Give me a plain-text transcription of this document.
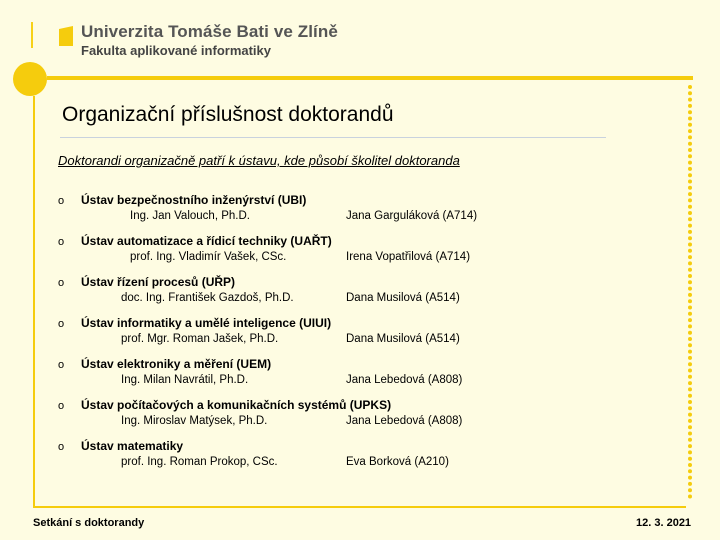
Univerzita Tomáše Bati ve Zlíně
Fakulta aplikované informatiky
Organizační příslušnost doktorandů
Doktorandi organizačně patří k ústavu, kde působí školitel doktoranda
o Ústav bezpečnostního inženýrství (UBI)
Ing. Jan Valouch, Ph.D.	Jana Garguláková (A714)
o Ústav automatizace a řídicí techniky (UAŘT)
prof. Ing. Vladimír Vašek, CSc.	Irena Vopatřilová (A714)
o Ústav řízení procesů (UŘP)
doc. Ing. František Gazdoš, Ph.D.	Dana Musilová (A514)
o Ústav informatiky a umělé inteligence (UIUI)
prof. Mgr. Roman Jašek, Ph.D.	Dana Musilová (A514)
o Ústav elektroniky a měření (UEM)
Ing. Milan Navrátil, Ph.D.	Jana Lebedová (A808)
o Ústav počítačových a komunikačních systémů (UPKS)
Ing. Miroslav Matýsek, Ph.D.	Jana Lebedová (A808)
o Ústav matematiky
prof. Ing. Roman Prokop, CSc.	Eva Borková (A210)
Setkání s doktorandy	12. 3. 2021
